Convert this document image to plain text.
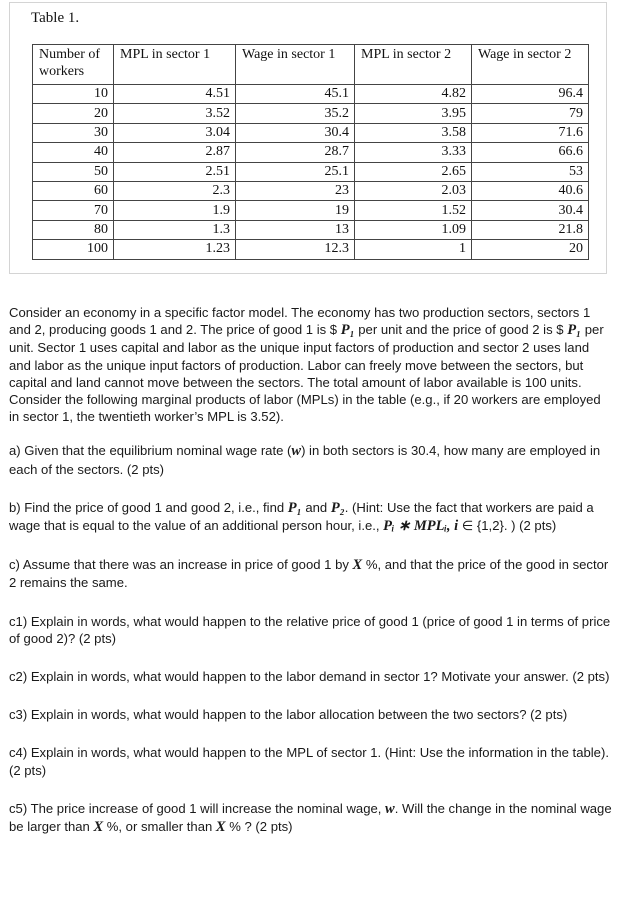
Table 1.
Number of workers	MPL in sector 1	Wage in sector 1	MPL in sector 2	Wage in sector 2
10	4.51	45.1	4.82	96.4
20	3.52	35.2	3.95	79
30	3.04	30.4	3.58	71.6
40	2.87	28.7	3.33	66.6
50	2.51	25.1	2.65	53
60	2.3	23	2.03	40.6
70	1.9	19	1.52	30.4
80	1.3	13	1.09	21.8
100	1.23	12.3	1	20

Consider an economy in a specific factor model. The economy has two production sectors, sectors 1 and 2, producing goods 1 and 2. The price of good 1 is $ P₁ per unit and the price of good 2 is $ P₁ per unit. Sector 1 uses capital and labor as the unique input factors of production and sector 2 uses land and labor as the unique input factors of production. Labor can freely move between the sectors, but capital and land cannot move between the sectors. The total amount of labor available is 100 units. Consider the following marginal products of labor (MPLs) in the table (e.g., if 20 workers are employed in sector 1, the twentieth worker’s MPL is 3.52).

a) Given that the equilibrium nominal wage rate (w) in both sectors is 30.4, how many are employed in each of the sectors. (2 pts)

b) Find the price of good 1 and good 2, i.e., find P₁ and P₂. (Hint: Use the fact that workers are paid a wage that is equal to the value of an additional person hour, i.e., Pᵢ ∗ MPLᵢ, i ∈ {1,2}. ) (2 pts)

c) Assume that there was an increase in price of good 1 by X %, and that the price of the good in sector 2 remains the same.

c1) Explain in words, what would happen to the relative price of good 1 (price of good 1 in terms of price of good 2)? (2 pts)

c2) Explain in words, what would happen to the labor demand in sector 1? Motivate your answer. (2 pts)

c3) Explain in words, what would happen to the labor allocation between the two sectors? (2 pts)

c4) Explain in words, what would happen to the MPL of sector 1. (Hint: Use the information in the table). (2 pts)

c5) The price increase of good 1 will increase the nominal wage, w. Will the change in the nominal wage be larger than X %, or smaller than X % ? (2 pts)
